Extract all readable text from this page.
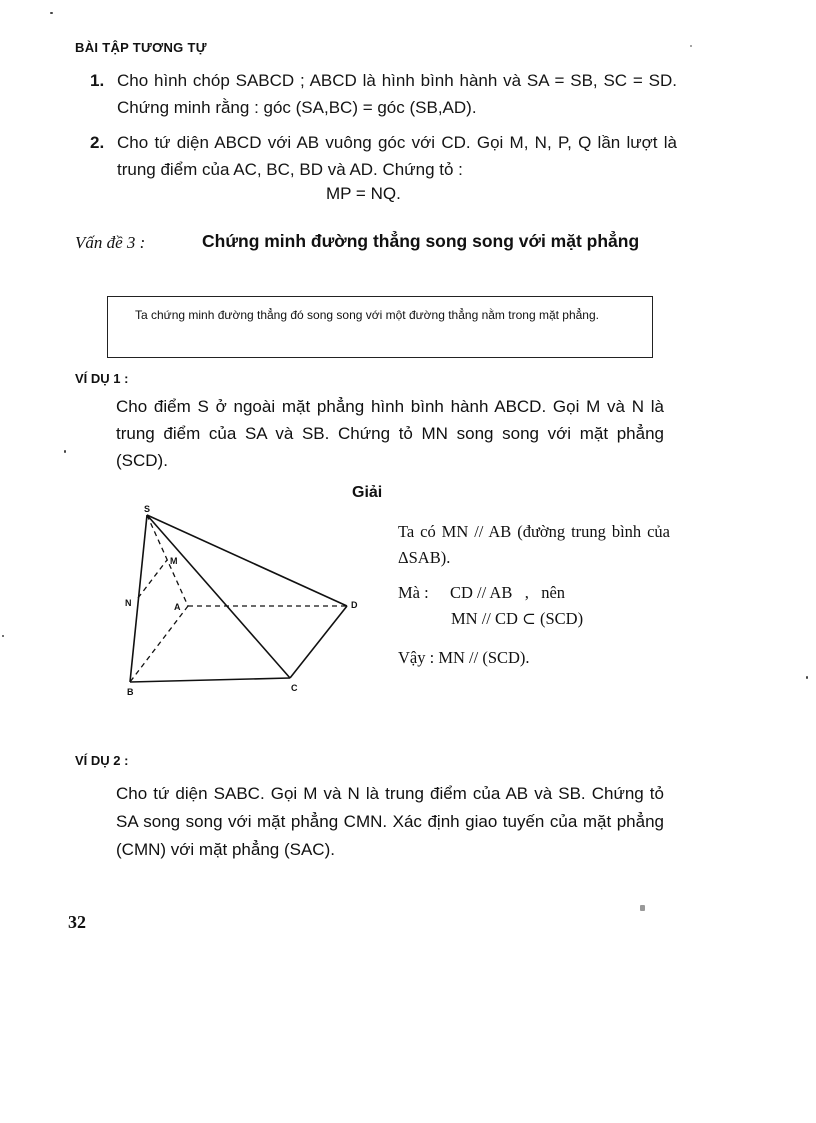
BÀI TẬP TƯƠNG TỰ
1. Cho hình chóp SABCD ; ABCD là hình bình hành và SA = SB, SC = SD. Chứng minh rằng : góc (SA,BC) = góc (SB,AD).
2. Cho tứ diện ABCD với AB vuông góc với CD. Gọi M, N, P, Q lần lượt là trung điểm của AC, BC, BD và AD. Chứng tỏ :
MP = NQ.
Vấn đề 3 :	Chứng minh đường thẳng song song với mặt phẳng
Ta chứng minh đường thẳng đó song song với một đường thẳng nằm trong mặt phẳng.
VÍ DỤ 1 :
Cho điểm S ở ngoài mặt phẳng hình bình hành ABCD. Gọi M và N là trung điểm của SA và SB. Chứng tỏ MN song song với mặt phẳng (SCD).
Giải
S
M
N	A	D
B	C
Ta có MN // AB (đường trung bình của ΔSAB).
Mà : CD // AB   ,   nên
MN // CD ⊂ (SCD)
Vậy : MN // (SCD).
VÍ DỤ 2 :
Cho tứ diện SABC. Gọi M và N là trung điểm của AB và SB. Chứng tỏ SA song song với mặt phẳng CMN. Xác định giao tuyến của mặt phẳng (CMN) với mặt phẳng (SAC).
32
